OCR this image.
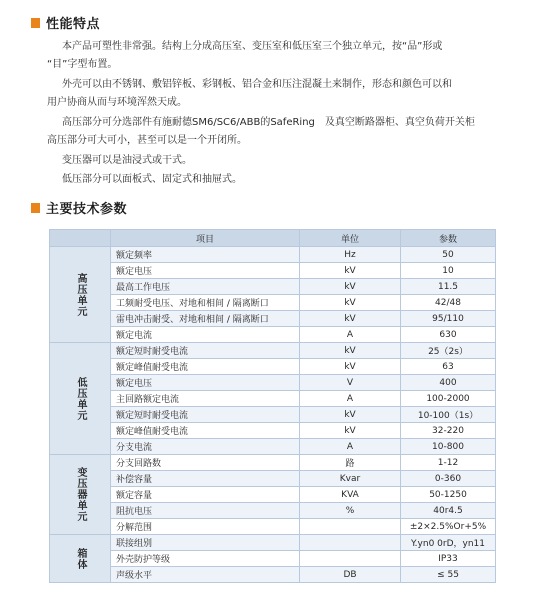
性能特点
本产品可塑性非常强。结构上分成高压室、变压室和低压室三个独立单元，按“品”形或
“目”字型布置。
外壳可以由不锈钢、敷铝锌板、彩钢板、铝合金和压注混凝土来制作，形态和颜色可以和
用户协商从而与环境浑然天成。
高压部分可分选部件有施耐德SM6/SC6/ABB的SafeRing　及真空断路器柜、真空负荷开关柜
高压部分可大可小，甚至可以是一个开闭所。
变压器可以是油浸式或干式。
低压部分可以面板式、固定式和抽屉式。
主要技术参数
	项目	单位	参数

高压单元	额定频率	Hz	50
	额定电压	kV	10
	最高工作电压	kV	11.5
	工频耐受电压、对地和相间 / 隔离断口	kV	42/48
	雷电冲击耐受、对地和相间 / 隔离断口	kV	95/110
	额定电流	A	630

低压单元	额定短时耐受电流	kV	25（2s）
	额定峰值耐受电流	kV	63
	额定电压	V	400
	主回路额定电流	A	100-2000
	额定短时耐受电流	kV	10-100（1s）
	额定峰值耐受电流	kV	32-220
	分支电流	A	10-800

变压器单元	分支回路数	路	1-12
	补偿容量	Kvar	0-360
	额定容量	KVA	50-1250
	阻抗电压	%	40r4.5
	分解范围		±2×2.5%Or+5%

箱体	联接组别		Y.yn0 0rD，yn11
	外壳防护等级		IP33
	声级水平	DB	≤ 55
